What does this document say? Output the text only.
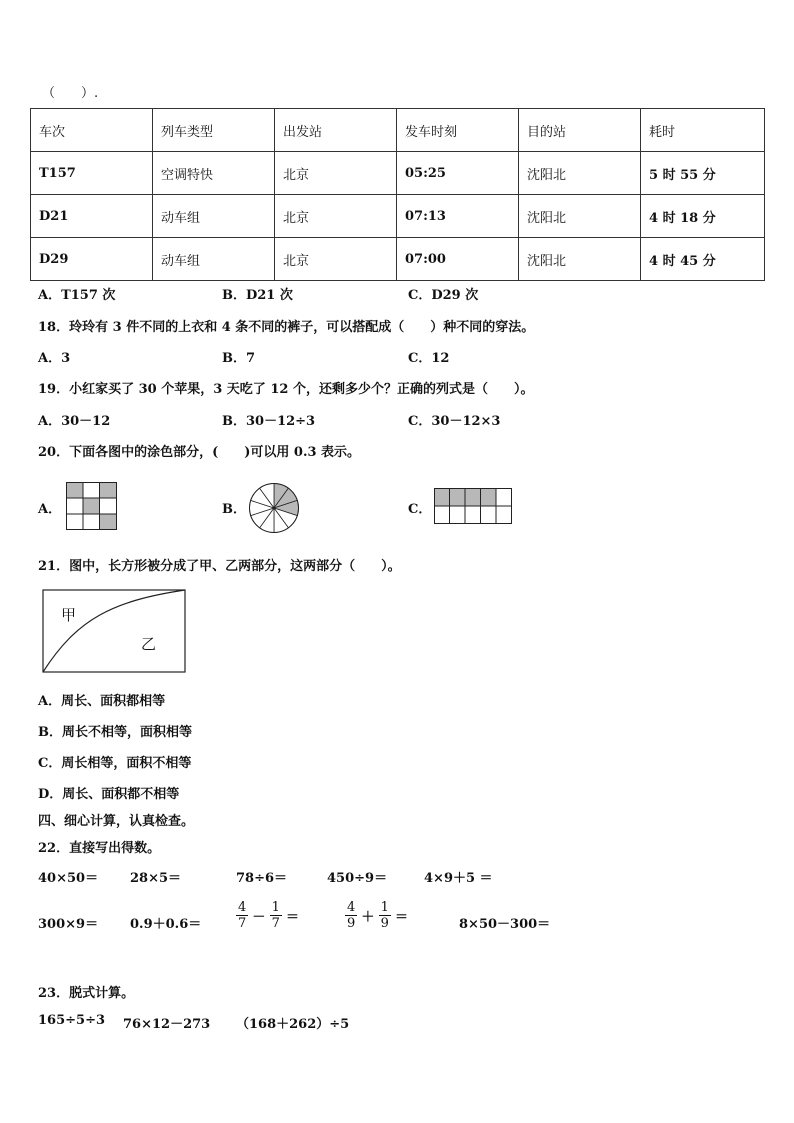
（　　）.
车次	列车类型	出发站	发车时刻	目的站	耗时
T157	空调特快	北京	05:25	沈阳北	5 时 55 分
D21	动车组	北京	07:13	沈阳北	4 时 18 分
D29	动车组	北京	07:00	沈阳北	4 时 45 分
A．T157 次	B．D21 次	C．D29 次
18．玲玲有 3 件不同的上衣和 4 条不同的裤子，可以搭配成（　　）种不同的穿法。
A．3	B．7	C．12
19．小红家买了 30 个苹果，3 天吃了 12 个，还剩多少个？正确的列式是（　　）。
A．30－12	B．30－12÷3	C．30－12×3
20．下面各图中的涂色部分，(　　)可以用 0.3 表示。
A．	B．	C．
21．图中，长方形被分成了甲、乙两部分，这两部分（　　）。
甲
乙
A．周长、面积都相等
B．周长不相等，面积相等
C．周长相等，面积不相等
D．周长、面积都不相等
四、细心计算，认真检查。
22．直接写出得数。
40×50＝ 28×5＝	78÷6＝	450÷9＝	4×9＋5 ＝
300×9＝ 0.9＋0.6＝	$\frac{4}{7} - \frac{1}{7}$ ＝	$\frac{4}{9} + \frac{1}{9}$ ＝	8×50－300＝
23．脱式计算。
165÷5÷3 76×12－273 （168＋262）÷5
